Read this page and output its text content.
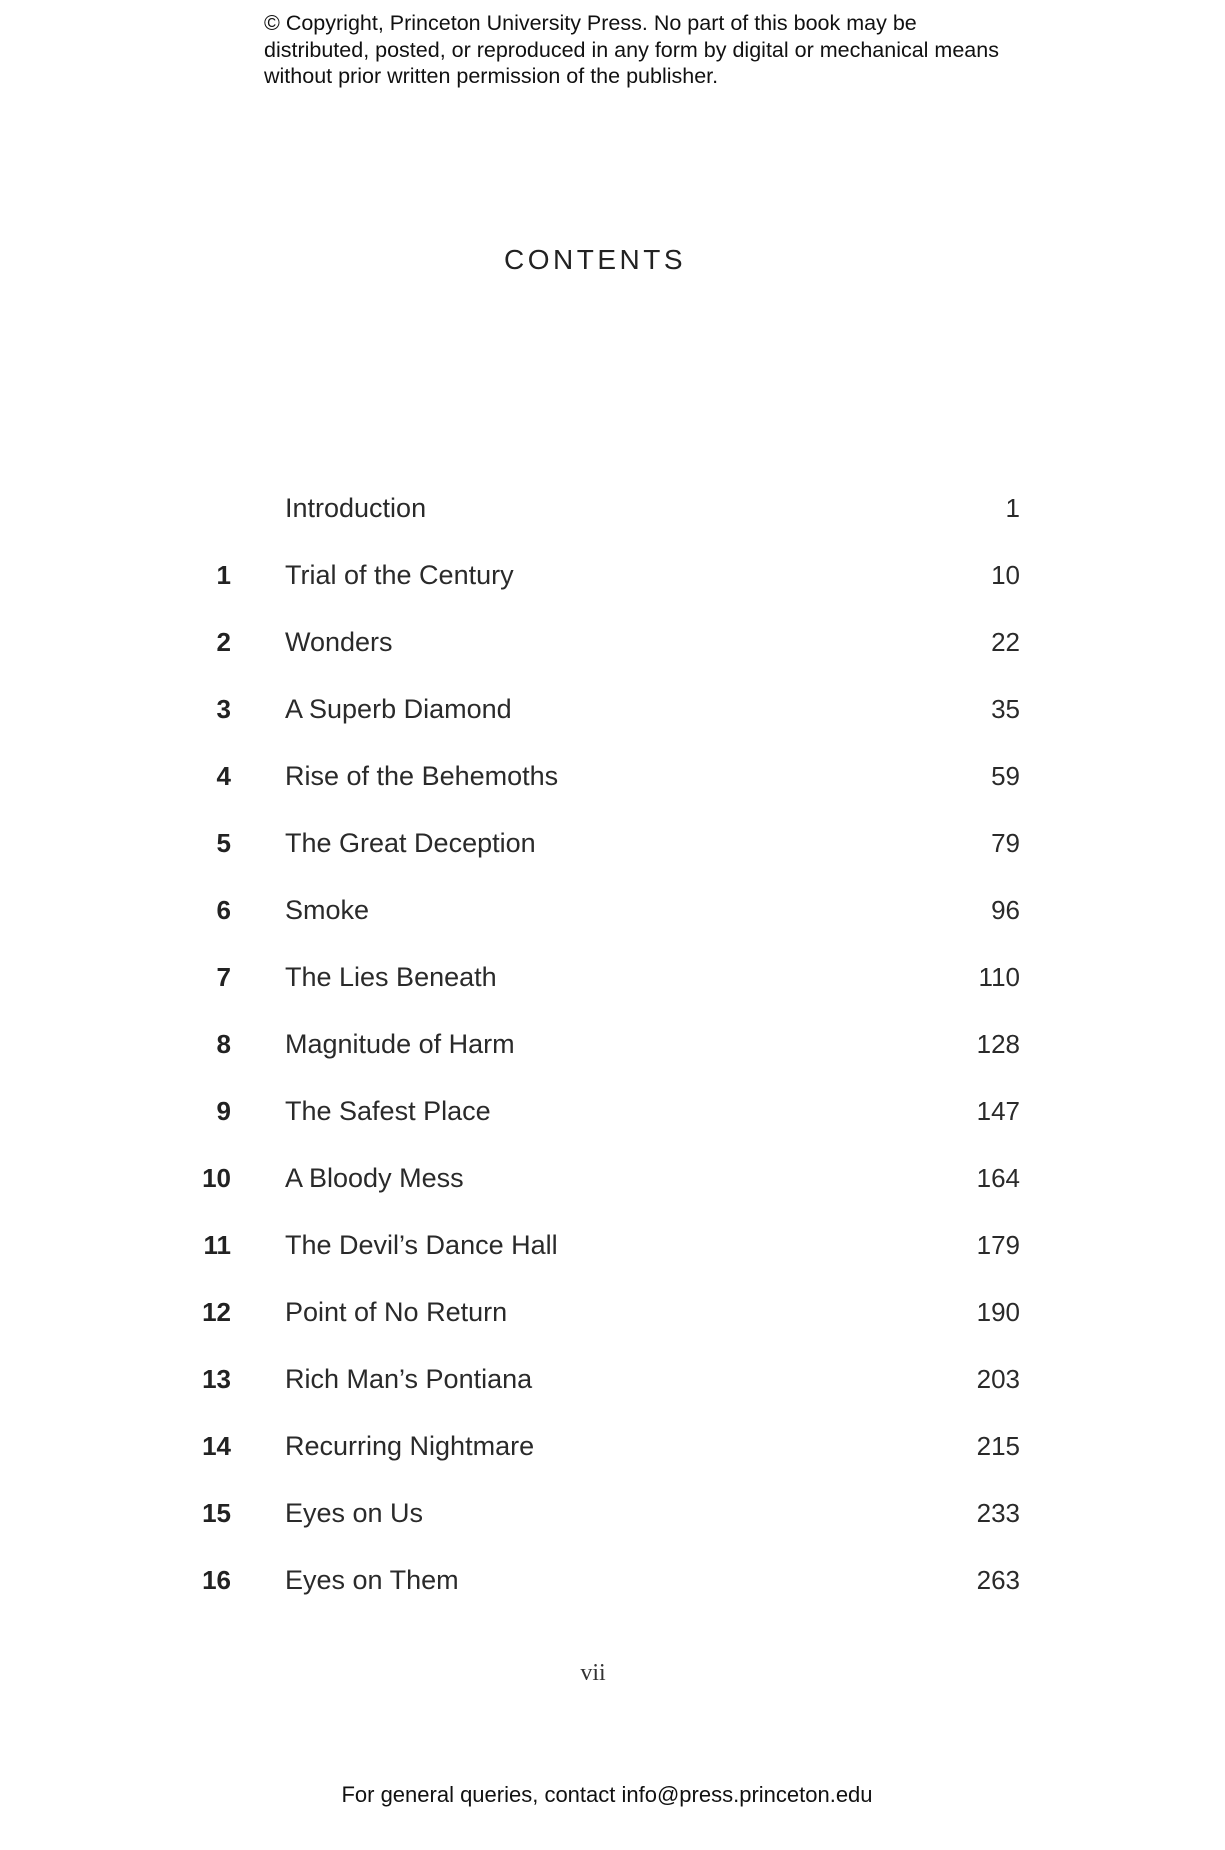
© Copyright, Princeton University Press. No part of this book may be distributed, posted, or reproduced in any form by digital or mechanical means without prior written permission of the publisher.
CONTENTS
Introduction	1
1 Trial of the Century	10
2 Wonders	22
3 A Superb Diamond	35
4 Rise of the Behemoths	59
5 The Great Deception	79
6 Smoke	96
7 The Lies Beneath	110
8 Magnitude of Harm	128
9 The Safest Place	147
10 A Bloody Mess	164
11 The Devil’s Dance Hall	179
12 Point of No Return	190
13 Rich Man’s Pontiana	203
14 Recurring Nightmare	215
15 Eyes on Us	233
16 Eyes on Them	263
vii
For general queries, contact info@press.princeton.edu
